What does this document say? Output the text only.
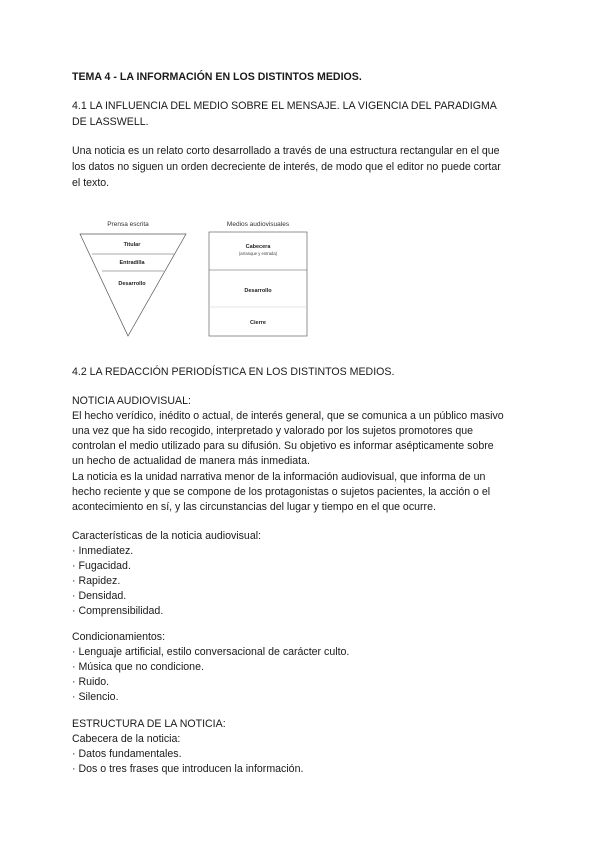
TEMA 4 - LA INFORMACIÓN EN LOS DISTINTOS MEDIOS.
4.1 LA INFLUENCIA DEL MEDIO SOBRE EL MENSAJE. LA VIGENCIA DEL PARADIGMA
DE LASSWELL.
Una noticia es un relato corto desarrollado a través de una estructura rectangular en el que
los datos no siguen un orden decreciente de interés, de modo que el editor no puede cortar
el texto.
Prensa escrita
Titular
Entradilla
Desarrollo
Medios audiovisuales
Cabecera
(arranque y entrada)
Desarrollo
Cierre
4.2 LA REDACCIÓN PERIODÍSTICA EN LOS DISTINTOS MEDIOS.
NOTICIA AUDIOVISUAL:
El hecho verídico, inédito o actual, de interés general, que se comunica a un público masivo
una vez que ha sido recogido, interpretado y valorado por los sujetos promotores que
controlan el medio utilizado para su difusión. Su objetivo es informar asépticamente sobre
un hecho de actualidad de manera más inmediata.
La noticia es la unidad narrativa menor de la información audiovisual, que informa de un
hecho reciente y que se compone de los protagonistas o sujetos pacientes, la acción o el
acontecimiento en sí, y las circunstancias del lugar y tiempo en el que ocurre.
Características de la noticia audiovisual:
· Inmediatez.
· Fugacidad.
· Rapidez.
· Densidad.
· Comprensibilidad.
Condicionamientos:
· Lenguaje artificial, estilo conversacional de carácter culto.
· Música que no condicione.
· Ruido.
· Silencio.
ESTRUCTURA DE LA NOTICIA:
Cabecera de la noticia:
· Datos fundamentales.
· Dos o tres frases que introducen la información.
